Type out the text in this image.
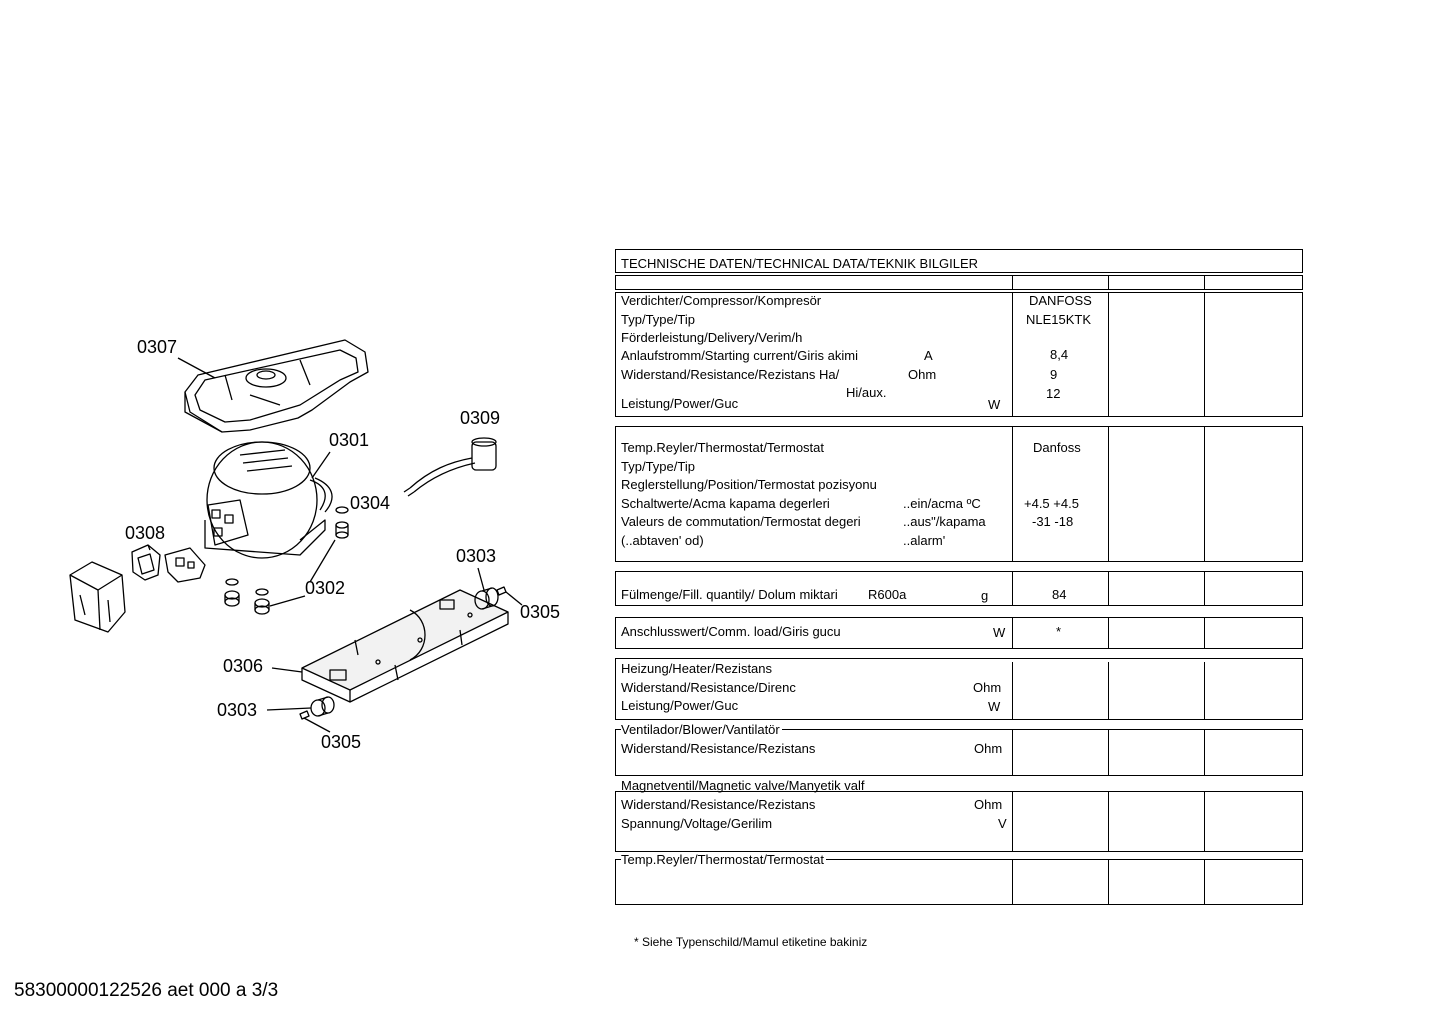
0307
0309
0301
0304
0308
0303
0302
0305
0306
0303
0305
TECHNISCHE DATEN/TECHNICAL DATA/TEKNIK BILGILER
Verdichter/Compressor/Kompresör	DANFOSS
Typ/Type/Tip	NLE15KTK
Förderleistung/Delivery/Verim/h
Anlaufstromm/Starting current/Giris akimi	A	8,4
Widerstand/Resistance/Rezistans Ha/	Ohm	9
Hi/aux.	12
Leistung/Power/Guc	W
Temp.Reyler/Thermostat/Termostat	Danfoss
Typ/Type/Tip
Reglerstellung/Position/Termostat pozisyonu
Schaltwerte/Acma kapama degerleri	..ein/acma ºC	+4.5 +4.5
Valeurs de commutation/Termostat degeri	..aus"/kapama	-31 -18
(..abtaven' od)	..alarm'
Fülmenge/Fill. quantily/ Dolum miktari R600a	g	84
Anschlusswert/Comm. load/Giris gucu	W	*
Heizung/Heater/Rezistans
Widerstand/Resistance/Direnc	Ohm
Leistung/Power/Guc	W
Ventilador/Blower/Vantilatör
Widerstand/Resistance/Rezistans	Ohm
Magnetventil/Magnetic valve/Manyetik valf
Widerstand/Resistance/Rezistans	Ohm
Spannung/Voltage/Gerilim	V
Temp.Reyler/Thermostat/Termostat
* Siehe Typenschild/Mamul etiketine bakiniz
58300000122526 aet 000 a 3/3
